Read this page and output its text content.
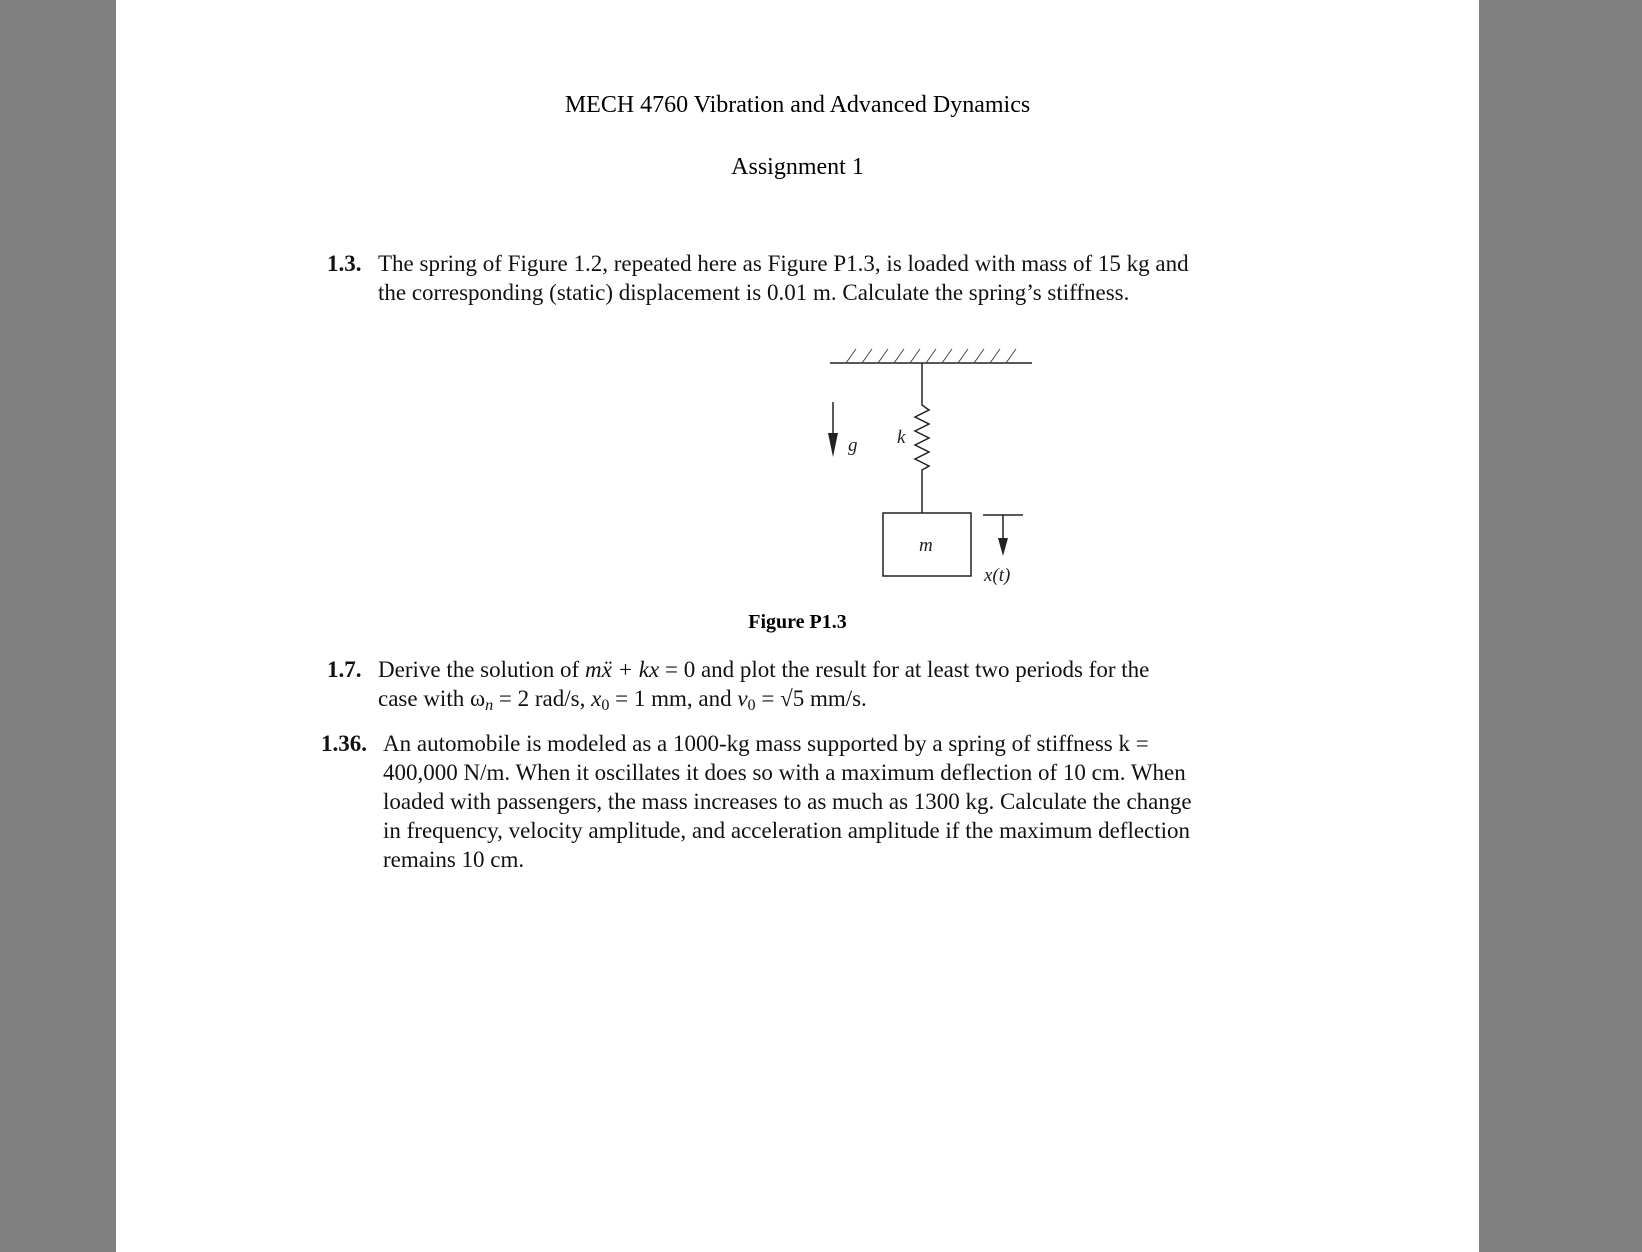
MECH 4760 Vibration and Advanced Dynamics
Assignment 1
1.3. The spring of Figure 1.2, repeated here as Figure P1.3, is loaded with mass of 15 kg and
the corresponding (static) displacement is 0.01 m. Calculate the spring’s stiffness.
g k
m
x(t)
Figure P1.3
1.7. Derive the solution of mẍ + kx = 0 and plot the result for at least two periods for the
case with $\omega_n = 2$ rad/s, $x_0 = 1$ mm, and $v_0 = √5$ mm/s.
1.36. An automobile is modeled as a 1000-kg mass supported by a spring of stiffness k =
400,000 N/m. When it oscillates it does so with a maximum deflection of 10 cm. When
loaded with passengers, the mass increases to as much as 1300 kg. Calculate the change
in frequency, velocity amplitude, and acceleration amplitude if the maximum deflection
remains 10 cm.
